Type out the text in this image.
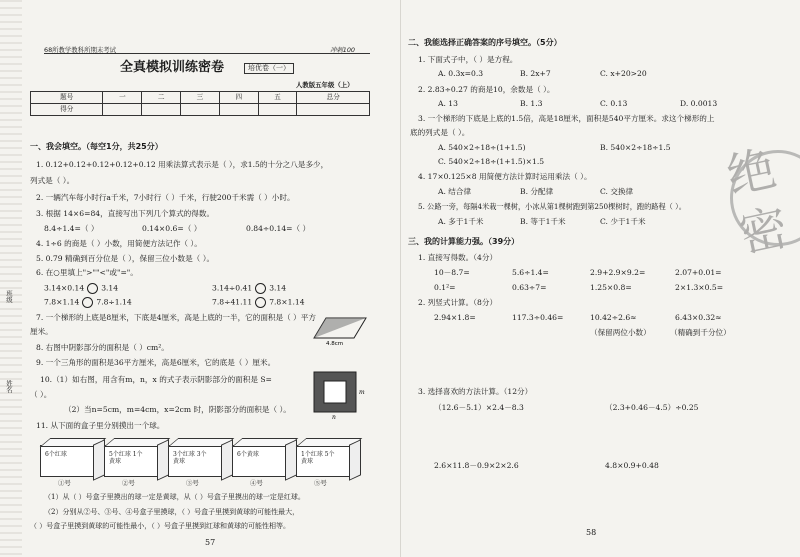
班级
姓名
68所教学教科所期末考试	冲刺100
全真模拟训练密卷	培优卷（一）
人教版五年级（上）
题号	一	二	三	四	五	总分
得分						
一、我会填空。（每空1分，共25分）
1. 0.12+0.12+0.12+0.12+0.12 用乘法算式表示是（ ），求1.5的十分之八是多少，
列式是（ ）。
2. 一辆汽车每小时行a千米，7小时行（ ）千米，行驶200千米需（ ）小时。
3. 根据 14×6=84，直接写出下列几个算式的得数。
8.4÷1.4=（ ）	0.14×0.6=（ ）	0.84÷0.14=（ ）
4. 1÷6 的商是（ ）小数，用简便方法记作（ ）。
5. 0.79 精确到百分位是（ ），保留三位小数是（ ）。
6. 在○里填上">""<"或"="。
3.14×0.14 3.14	3.14÷0.41 3.14
7.8×1.14 7.8÷1.14	7.8÷41.11 7.8×1.14
7. 一个梯形的上底是8厘米，下底是4厘米，高是上底的一半，它的面积是（ ）平方
厘米。
4.8cm
8. 右图中阴影部分的面积是（ ）cm²。
9. 一个三角形的面积是36平方厘米，高是6厘米，它的底是（ ）厘米。
10.（1）如右图，用含有m，n，x 的式子表示阴影部分的面积是 S=
（ ）。
（2）当n=5cm，m=4cm，x=2cm 时，阴影部分的面积是（ ）。
m
n
11. 从下面的盒子里分别摸出一个球。
6个红球	5个红球 1个黄球
3个红球 3个黄球
6个黄球	1个红球 5个黄球
①号	②号	③号	④号	⑤号
（1）从（ ）号盒子里摸出的球一定是黄球，从（ ）号盒子里摸出的球一定是红球。
（2）分别从②号、③号、④号盒子里摸球，（ ）号盒子里摸到黄球的可能性最大，
（ ）号盒子里摸到黄球的可能性最小，（ ）号盒子里摸到红球和黄球的可能性相等。
57
绝密
二、我能选择正确答案的序号填空。（5分）
1. 下面式子中，（ ）是方程。
A. 0.3x=0.3	B. 2x+7	C. x+20>20
2. 2.83÷0.27 的商是10，余数是（ ）。
A. 13	B. 1.3	C. 0.13	D. 0.0013
3. 一个梯形的下底是上底的1.5倍，高是18厘米，面积是540平方厘米。求这个梯形的上
底的列式是（ ）。
A. 540×2÷18÷(1+1.5)	B. 540×2÷18÷1.5
C. 540×2÷18÷(1+1.5)×1.5
4. 17×0.125×8 用简便方法计算时运用乘法（ ）。
A. 结合律	B. 分配律	C. 交换律
5. 公路一旁，每隔4米栽一棵树，小冰从第1棵树跑到第250棵树时，跑的路程（ ）。
A. 多于1千米	B. 等于1千米	C. 少于1千米
三、我的计算能力强。（39分）
1. 直接写得数。（4分）
10－8.7=	5.6÷1.4=	2.9+2.9×9.2=	2.07+0.01=
0.1²=	0.63÷7=	1.25×0.8=	2×1.3×0.5=
2. 列竖式计算。（8分）
2.94×1.8=	117.3÷0.46=	10.42÷2.6≈	6.43×0.32≈
（保留两位小数）	（精确到千分位）
3. 选择喜欢的方法计算。（12分）
（12.6－5.1）×2.4－8.3	（2.3+0.46－4.5）÷0.25
2.6×11.8－0.9×2×2.6	4.8×0.9+0.48
58
